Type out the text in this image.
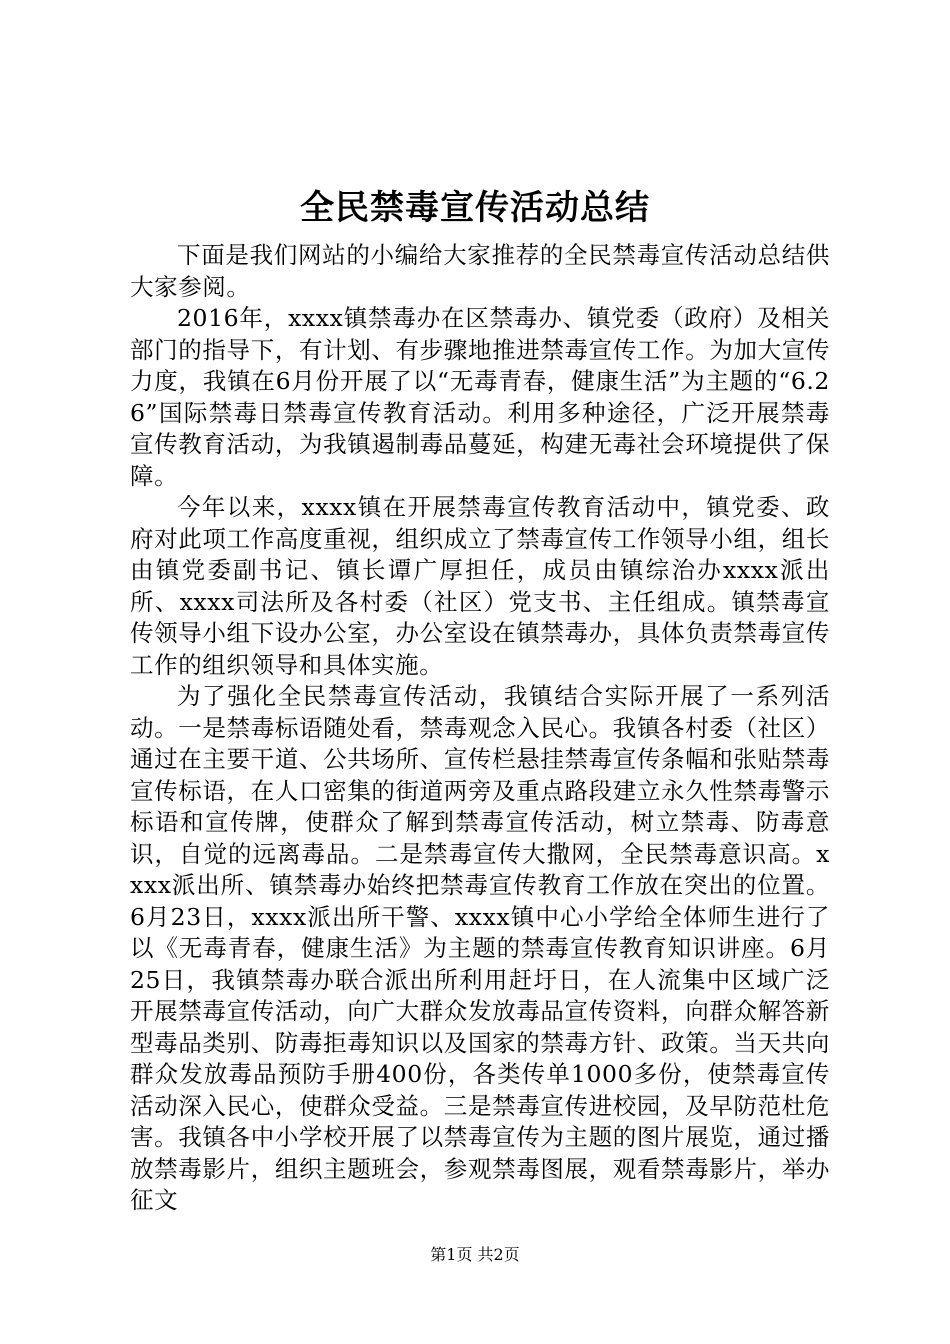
全民禁毒宣传活动总结

下面是我们网站的小编给大家推荐的全民禁毒宣传活动总结供大家参阅。

2016年，xxxx镇禁毒办在区禁毒办、镇党委（政府）及相关部门的指导下，有计划、有步骤地推进禁毒宣传工作。为加大宣传力度，我镇在6月份开展了以“无毒青春，健康生活”为主题的“6.26”国际禁毒日禁毒宣传教育活动。利用多种途径，广泛开展禁毒宣传教育活动，为我镇遏制毒品蔓延，构建无毒社会环境提供了保障。

今年以来，xxxx镇在开展禁毒宣传教育活动中，镇党委、政府对此项工作高度重视，组织成立了禁毒宣传工作领导小组，组长由镇党委副书记、镇长谭广厚担任，成员由镇综治办xxxx派出所、xxxx司法所及各村委（社区）党支书、主任组成。镇禁毒宣传领导小组下设办公室，办公室设在镇禁毒办，具体负责禁毒宣传工作的组织领导和具体实施。

为了强化全民禁毒宣传活动，我镇结合实际开展了一系列活动。一是禁毒标语随处看，禁毒观念入民心。我镇各村委（社区）通过在主要干道、公共场所、宣传栏悬挂禁毒宣传条幅和张贴禁毒宣传标语，在人口密集的街道两旁及重点路段建立永久性禁毒警示标语和宣传牌，使群众了解到禁毒宣传活动，树立禁毒、防毒意识，自觉的远离毒品。二是禁毒宣传大撒网，全民禁毒意识高。xxxx派出所、镇禁毒办始终把禁毒宣传教育工作放在突出的位置。6月23日，xxxx派出所干警、xxxx镇中心小学给全体师生进行了以《无毒青春，健康生活》为主题的禁毒宣传教育知识讲座。6月25日，我镇禁毒办联合派出所利用赶圩日，在人流集中区域广泛开展禁毒宣传活动，向广大群众发放毒品宣传资料，向群众解答新型毒品类别、防毒拒毒知识以及国家的禁毒方针、政策。当天共向群众发放毒品预防手册400份，各类传单1000多份，使禁毒宣传活动深入民心，使群众受益。三是禁毒宣传进校园，及早防范杜危害。我镇各中小学校开展了以禁毒宣传为主题的图片展览，通过播放禁毒影片，组织主题班会，参观禁毒图展，观看禁毒影片，举办征文

第1页 共2页
